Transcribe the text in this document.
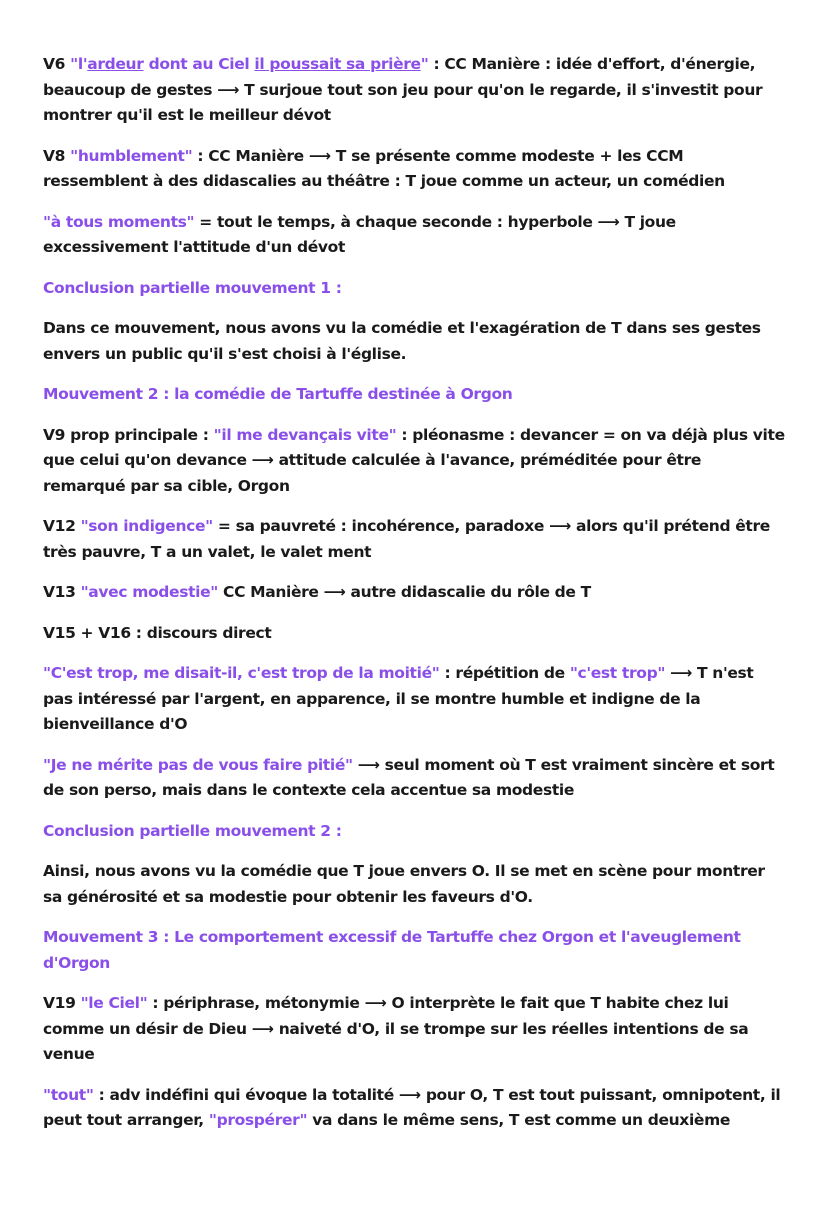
V6 "l'ardeur dont au Ciel il poussait sa prière" : CC Manière : idée d'effort, d'énergie, beaucoup de gestes ⟶ T surjoue tout son jeu pour qu'on le regarde, il s'investit pour montrer qu'il est le meilleur dévot

V8 "humblement" : CC Manière ⟶ T se présente comme modeste + les CCM ressemblent à des didascalies au théâtre : T joue comme un acteur, un comédien

"à tous moments" = tout le temps, à chaque seconde : hyperbole ⟶ T joue excessivement l'attitude d'un dévot

Conclusion partielle mouvement 1 :

Dans ce mouvement, nous avons vu la comédie et l'exagération de T dans ses gestes envers un public qu'il s'est choisi à l'église.

Mouvement 2 : la comédie de Tartuffe destinée à Orgon

V9 prop principale : "il me devançais vite" : pléonasme : devancer = on va déjà plus vite que celui qu'on devance ⟶ attitude calculée à l'avance, préméditée pour être remarqué par sa cible, Orgon

V12 "son indigence" = sa pauvreté : incohérence, paradoxe ⟶ alors qu'il prétend être très pauvre, T a un valet, le valet ment

V13 "avec modestie" CC Manière ⟶ autre didascalie du rôle de T

V15 + V16 : discours direct

"C'est trop, me disait-il, c'est trop de la moitié" : répétition de "c'est trop" ⟶ T n'est pas intéressé par l'argent, en apparence, il se montre humble et indigne de la bienveillance d'O

"Je ne mérite pas de vous faire pitié" ⟶ seul moment où T est vraiment sincère et sort de son perso, mais dans le contexte cela accentue sa modestie

Conclusion partielle mouvement 2 :

Ainsi, nous avons vu la comédie que T joue envers O. Il se met en scène pour montrer sa générosité et sa modestie pour obtenir les faveurs d'O.

Mouvement 3 : Le comportement excessif de Tartuffe chez Orgon et l'aveuglement d'Orgon

V19 "le Ciel" : périphrase, métonymie ⟶ O interprète le fait que T habite chez lui comme un désir de Dieu ⟶ naiveté d'O, il se trompe sur les réelles intentions de sa venue

"tout" : adv indéfini qui évoque la totalité ⟶ pour O, T est tout puissant, omnipotent, il peut tout arranger, "prospérer" va dans le même sens, T est comme un deuxième
